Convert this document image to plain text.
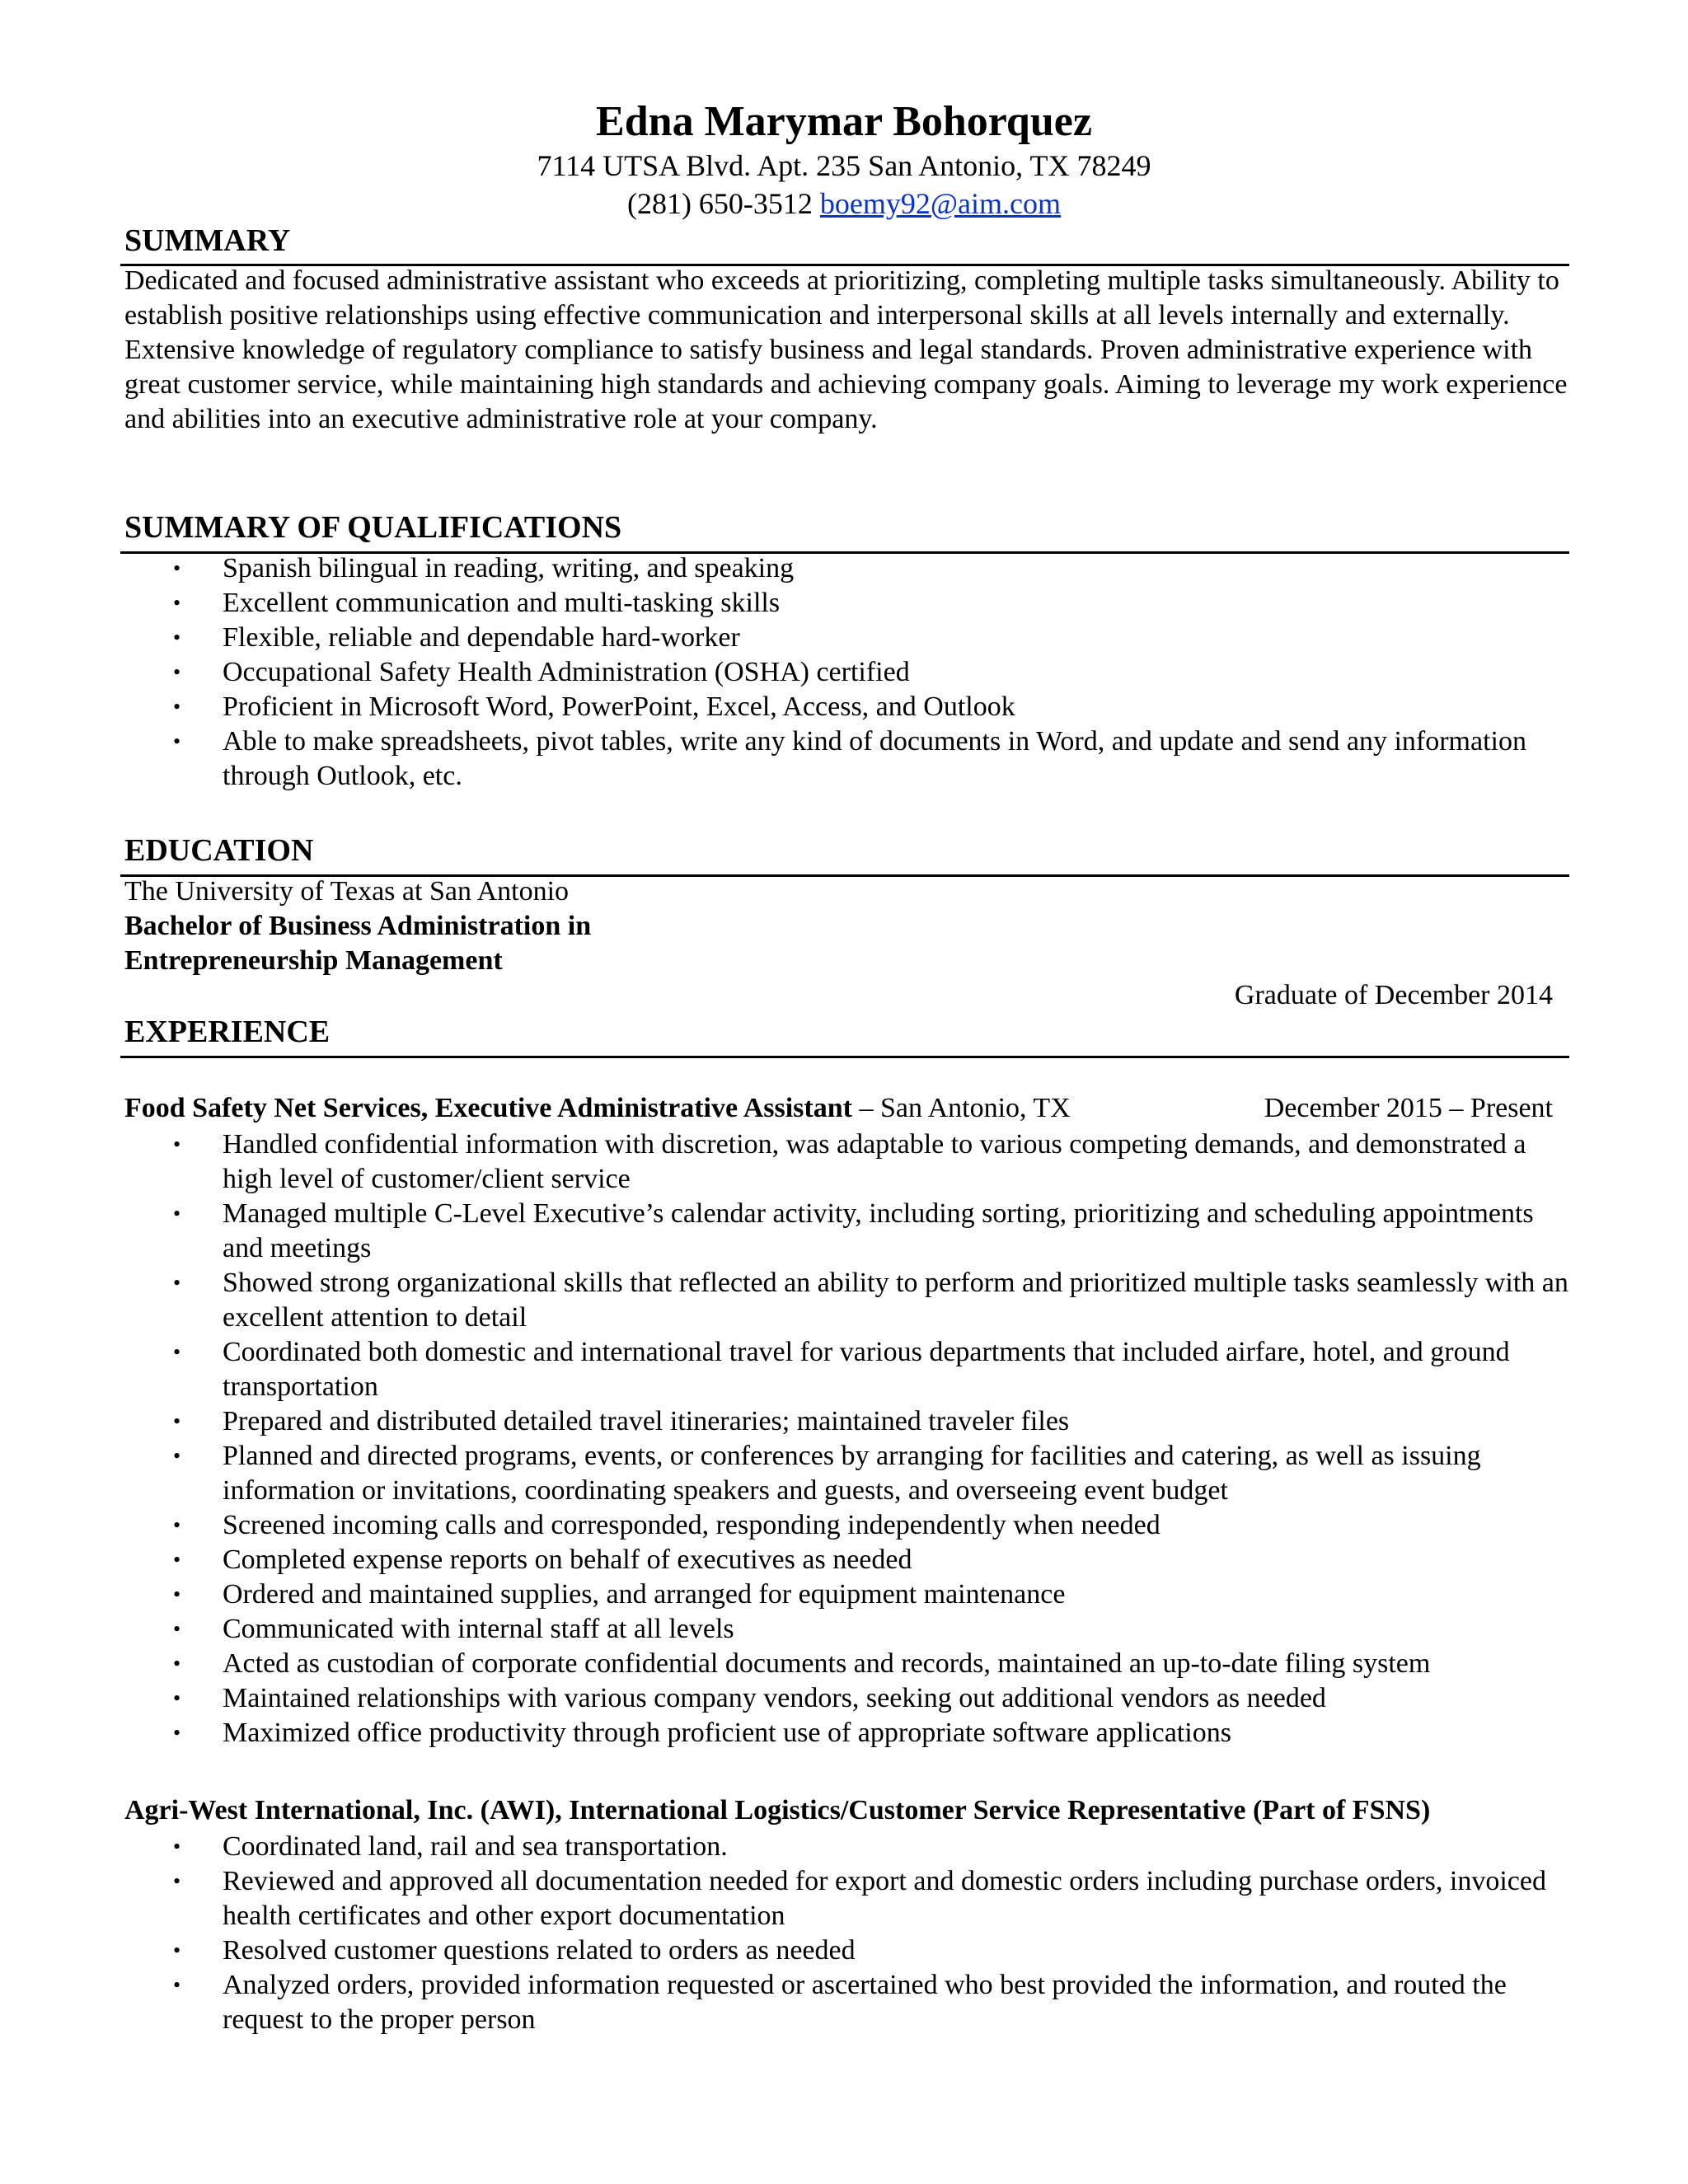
Edna Marymar Bohorquez
7114 UTSA Blvd. Apt. 235 San Antonio, TX 78249
(281) 650-3512 boemy92@aim.com
SUMMARY
Dedicated and focused administrative assistant who exceeds at prioritizing, completing multiple tasks simultaneously. Ability to establish positive relationships using effective communication and interpersonal skills at all levels internally and externally. Extensive knowledge of regulatory compliance to satisfy business and legal standards. Proven administrative experience with great customer service, while maintaining high standards and achieving company goals. Aiming to leverage my work experience and abilities into an executive administrative role at your company.
SUMMARY OF QUALIFICATIONS
• Spanish bilingual in reading, writing, and speaking
• Excellent communication and multi-tasking skills
• Flexible, reliable and dependable hard-worker
• Occupational Safety Health Administration (OSHA) certified
• Proficient in Microsoft Word, PowerPoint, Excel, Access, and Outlook
• Able to make spreadsheets, pivot tables, write any kind of documents in Word, and update and send any information through Outlook, etc.
EDUCATION
The University of Texas at San Antonio
Bachelor of Business Administration in
Entrepreneurship Management
Graduate of December 2014
EXPERIENCE
Food Safety Net Services, Executive Administrative Assistant – San Antonio, TX	December 2015 – Present
• Handled confidential information with discretion, was adaptable to various competing demands, and demonstrated a high level of customer/client service
• Managed multiple C-Level Executive’s calendar activity, including sorting, prioritizing and scheduling appointments and meetings
• Showed strong organizational skills that reflected an ability to perform and prioritized multiple tasks seamlessly with an excellent attention to detail
• Coordinated both domestic and international travel for various departments that included airfare, hotel, and ground transportation
• Prepared and distributed detailed travel itineraries; maintained traveler files
• Planned and directed programs, events, or conferences by arranging for facilities and catering, as well as issuing information or invitations, coordinating speakers and guests, and overseeing event budget
• Screened incoming calls and corresponded, responding independently when needed
• Completed expense reports on behalf of executives as needed
• Ordered and maintained supplies, and arranged for equipment maintenance
• Communicated with internal staff at all levels
• Acted as custodian of corporate confidential documents and records, maintained an up-to-date filing system
• Maintained relationships with various company vendors, seeking out additional vendors as needed
• Maximized office productivity through proficient use of appropriate software applications
Agri-West International, Inc. (AWI), International Logistics/Customer Service Representative (Part of FSNS)
• Coordinated land, rail and sea transportation.
• Reviewed and approved all documentation needed for export and domestic orders including purchase orders, invoiced health certificates and other export documentation
• Resolved customer questions related to orders as needed
• Analyzed orders, provided information requested or ascertained who best provided the information, and routed the request to the proper person
